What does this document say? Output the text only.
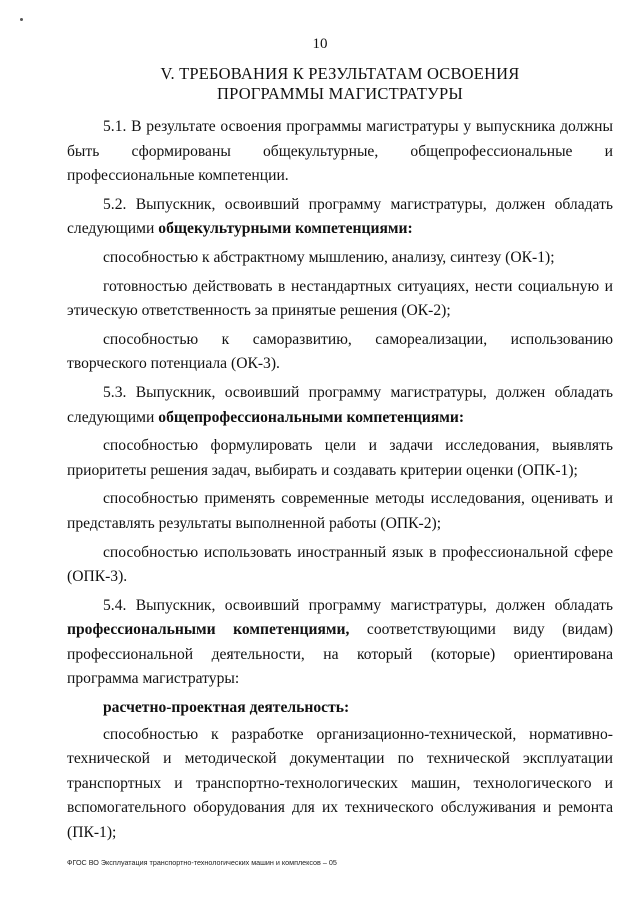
10
V. ТРЕБОВАНИЯ К РЕЗУЛЬТАТАМ ОСВОЕНИЯ
ПРОГРАММЫ МАГИСТРАТУРЫ

5.1. В результате освоения программы магистратуры у выпускника должны быть сформированы общекультурные, общепрофессиональные и профессиональные компетенции.

5.2. Выпускник, освоивший программу магистратуры, должен обладать следующими общекультурными компетенциями:

способностью к абстрактному мышлению, анализу, синтезу (ОК-1);

готовностью действовать в нестандартных ситуациях, нести социальную и этическую ответственность за принятые решения (ОК-2);

способностью к саморазвитию, самореализации, использованию творческого потенциала (ОК-3).

5.3. Выпускник, освоивший программу магистратуры, должен обладать следующими общепрофессиональными компетенциями:

способностью формулировать цели и задачи исследования, выявлять приоритеты решения задач, выбирать и создавать критерии оценки (ОПК-1);

способностью применять современные методы исследования, оценивать и представлять результаты выполненной работы (ОПК-2);

способностью использовать иностранный язык в профессиональной сфере (ОПК-3).

5.4. Выпускник, освоивший программу магистратуры, должен обладать профессиональными компетенциями, соответствующими виду (видам) профессиональной деятельности, на который (которые) ориентирована программа магистратуры:

расчетно-проектная деятельность:

способностью к разработке организационно-технической, нормативно-технической и методической документации по технической эксплуатации транспортных и транспортно-технологических машин, технологического и вспомогательного оборудования для их технического обслуживания и ремонта (ПК-1);

ФГОС ВО Эксплуатация транспортно-технологических машин и комплексов – 05
